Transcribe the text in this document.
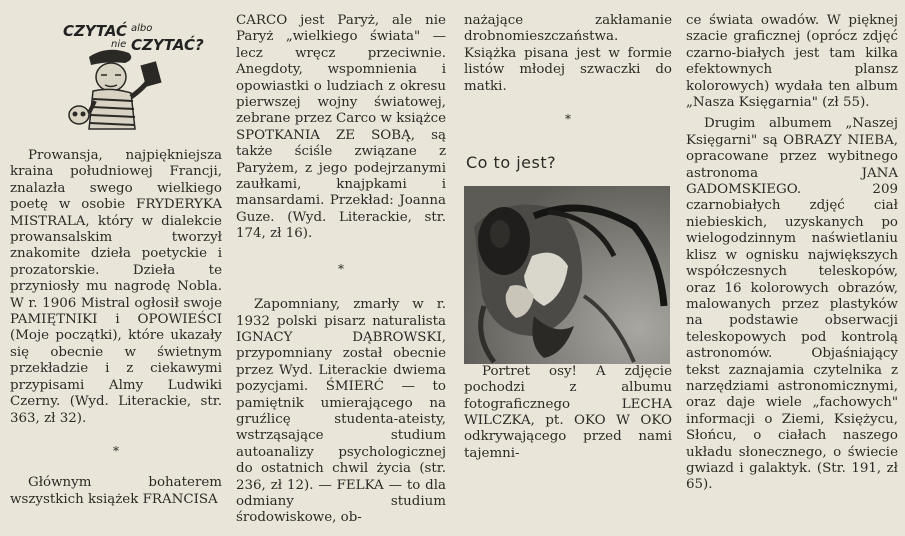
CZYTAĆ albo
nie CZYTAĆ?

Prowansja, najpiękniejsza kraina południowej Francji, znalazła swego wielkiego poetę w osobie FRYDERYKA MISTRALA, który w dialekcie prowansalskim tworzył znakomite dzieła poetyckie i prozatorskie. Dzieła te przyniosły mu nagrodę Nobla. W r. 1906 Mistral ogłosił swoje PAMIĘTNIKI i OPOWIEŚCI (Moje początki), które ukazały się obecnie w świetnym przekładzie i z ciekawymi przypisami Almy Ludwiki Czerny. (Wyd. Literackie, str. 363, zł 32).

*

Głównym bohaterem wszystkich książek FRANCISA

CARCO jest Paryż, ale nie Paryż „wielkiego świata" — lecz wręcz przeciwnie. Anegdoty, wspomnienia i opowiastki o ludziach z okresu pierwszej wojny światowej, zebrane przez Carco w książce SPOTKANIA ZE SOBĄ, są także ściśle związane z Paryżem, z jego podejrzanymi zaułkami, knajpkami i mansardami. Przekład: Joanna Guze. (Wyd. Literackie, str. 174, zł 16).

*

Zapomniany, zmarły w r. 1932 polski pisarz naturalista IGNACY DĄBROWSKI, przypomniany został obecnie przez Wyd. Literackie dwiema pozycjami. ŚMIERĆ — to pamiętnik umierającego na gruźlicę studenta-ateisty, wstrząsające studium autoanalizy psychologicznej do ostatnich chwil życia (str. 236, zł 12). — FELKA — to dla odmiany studium środowiskowe, ob-

nażające zakłamanie drobnomieszczaństwa. Książka pisana jest w formie listów młodej szwaczki do matki.

*
Co to jest?

Portret osy! A zdjęcie pochodzi z albumu fotograficznego LECHA WILCZKA, pt. OKO W OKO odkrywającego przed nami tajemni-

ce świata owadów. W pięknej szacie graficznej (oprócz zdjęć czarno-białych jest tam kilka efektownych plansz kolorowych) wydała ten album „Nasza Księgarnia" (zł 55).

Drugim albumem „Naszej Księgarni" są OBRAZY NIEBA, opracowane przez wybitnego astronoma JANA GADOMSKIEGO. 209 czarnobiałych zdjęć ciał niebieskich, uzyskanych po wielogodzinnym naświetlaniu klisz w ognisku największych współczesnych teleskopów, oraz 16 kolorowych obrazów, malowanych przez plastyków na podstawie obserwacji teleskopowych pod kontrolą astronomów. Objaśniający tekst zaznajamia czytelnika z narzędziami astronomicznymi, oraz daje wiele „fachowych" informacji o Ziemi, Księżycu, Słońcu, o ciałach naszego układu słonecznego, o świecie gwiazd i galaktyk. (Str. 191, zł 65).
